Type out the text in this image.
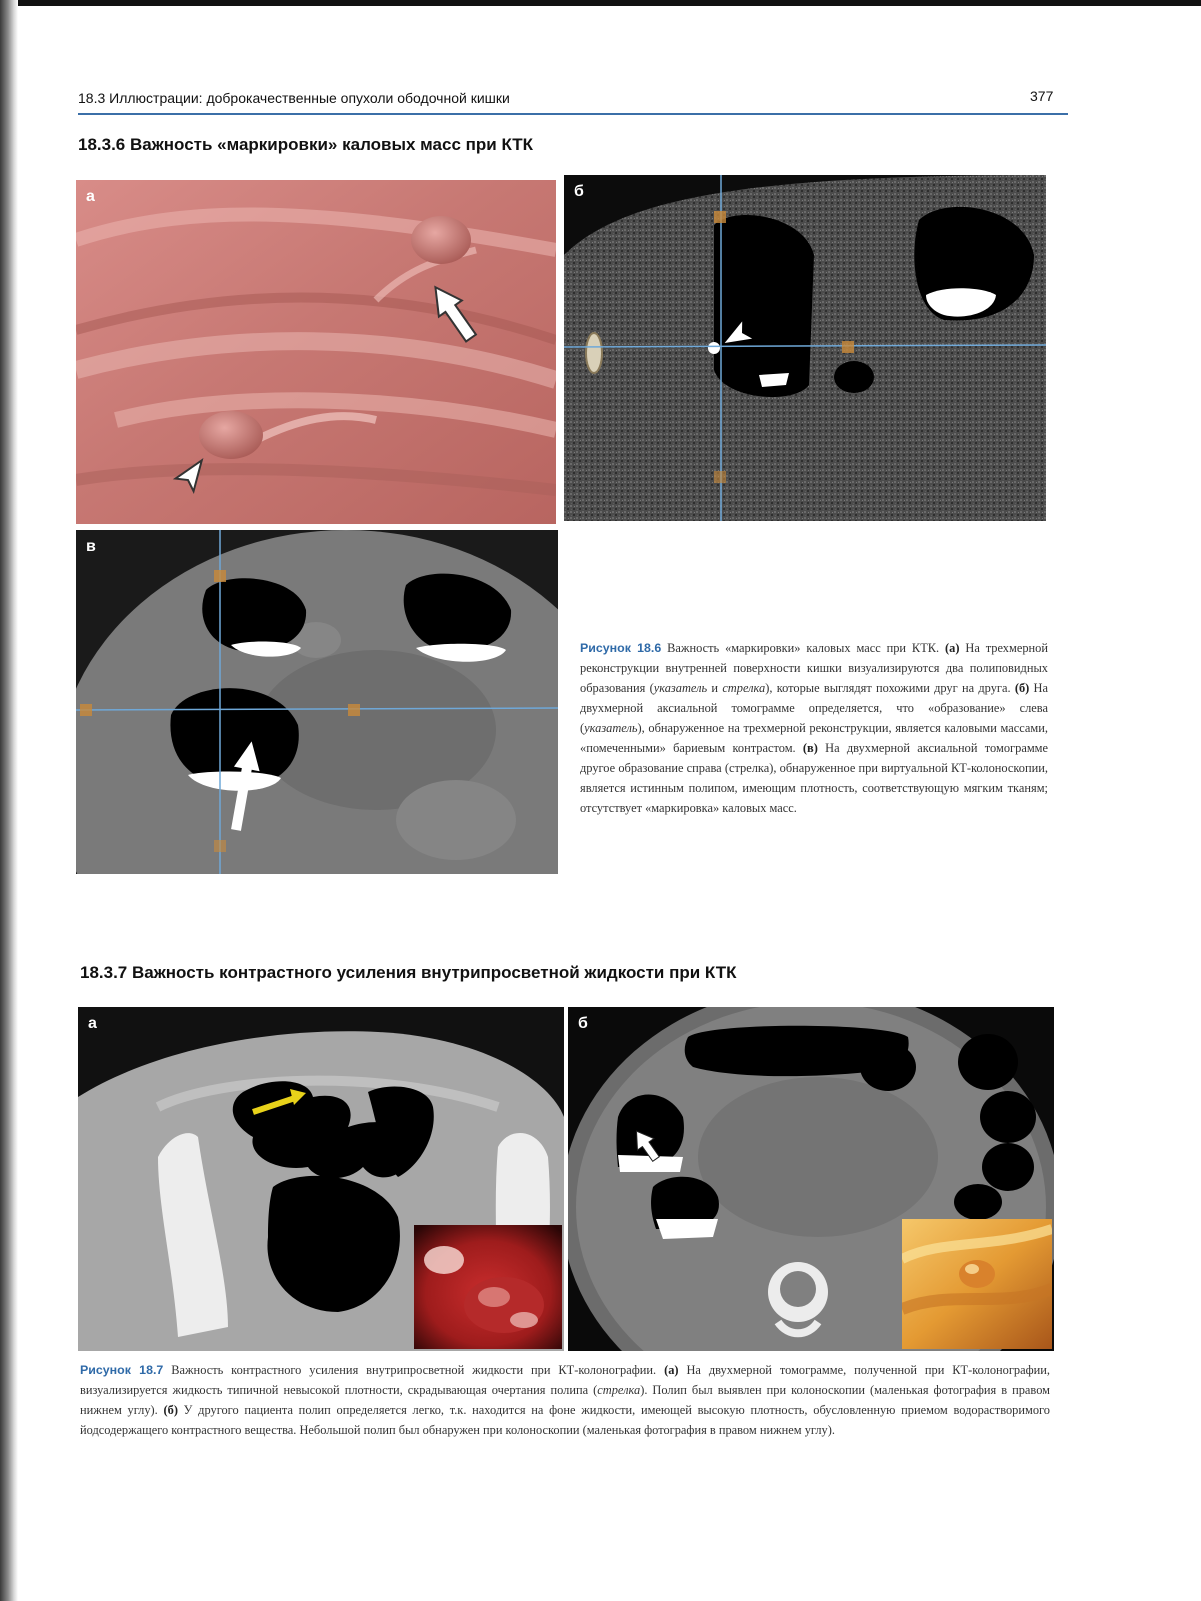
18.3 Иллюстрации: доброкачественные опухоли ободочной кишки	377
18.3.6 Важность «маркировки» каловых масс при КТК
а	б
в
Рисунок 18.6 Важность «маркировки» каловых масс при КТК. (а) На трехмерной реконструкции внутренней поверхности кишки визуализируются два полиповидных образования (указатель и стрелка), которые выглядят похожими друг на друга. (б) На двухмерной аксиальной томограмме определяется, что «образование» слева (указатель), обнаруженное на трехмерной реконструкции, является каловыми массами, «помеченными» бариевым контрастом. (в) На двухмерной аксиальной томограмме другое образование справа (стрелка), обнаруженное при виртуальной КТ-колоноскопии, является истинным полипом, имеющим плотность, соответствующую мягким тканям; отсутствует «маркировка» каловых масс.
18.3.7 Важность контрастного усиления внутрипросветной жидкости при КТК
а	б
Рисунок 18.7 Важность контрастного усиления внутрипросветной жидкости при КТ-колонографии. (а) На двухмерной томограмме, полученной при КТ-колонографии, визуализируется жидкость типичной невысокой плотности, скрадывающая очертания полипа (стрелка). Полип был выявлен при колоноскопии (маленькая фотография в правом нижнем углу). (б) У другого пациента полип определяется легко, т.к. находится на фоне жидкости, имеющей высокую плотность, обусловленную приемом водорастворимого йодсодержащего контрастного вещества. Небольшой полип был обнаружен при колоноскопии (маленькая фотография в правом нижнем углу).
